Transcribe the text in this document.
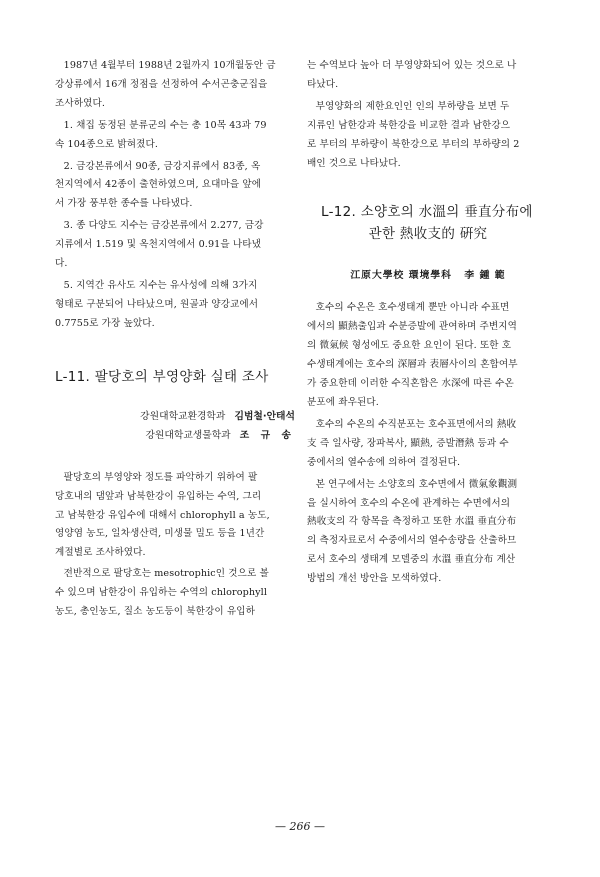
1987년 4월부터 1988년 2월까지 10개월동안 금
강상류에서 16개 정점을 선정하여 수서곤충군집을
조사하였다.

1. 채집 동정된 분류군의 수는 총 10목 43과 79
속 104종으로 밝혀졌다.

2. 금강본류에서 90종, 금강지류에서 83종, 옥
천지역에서 42종이 출현하였으며, 요대마을 앞에
서 가장 풍부한 종수를 나타냈다.

3. 종 다양도 지수는 금강본류에서 2.277, 금강
지류에서 1.519 및 옥천지역에서 0.91을 나타냈
다.

5. 지역간 유사도 지수는 유사성에 의해 3가지
형태로 구분되어 나타났으며, 원골과 양강교에서
0.7755로 가장 높았다.

L-11. 팔당호의 부영양화 실태 조사

강원대학교환경학과 김범철·안태석

강원대학교생물학과 조 규 송

팔당호의 부영양와 정도를 파악하기 위하여 팔
당호내의 댐앞과 남북한강이 유입하는 수역, 그리
고 남북한강 유입수에 대해서 chlorophyll a 농도,
영양염 농도, 일차생산력, 미생물 밀도 등을 1년간
계절별로 조사하였다.

전반적으로 팔당호는 mesotrophic인 것으로 볼
수 있으며 남한강이 유입하는 수역의 chlorophyll
농도, 총인농도, 질소 농도등이 북한강이 유입하

는 수역보다 높아 더 부영양화되어 있는 것으로 나
타났다.

부영양화의 제한요인인 인의 부하량을 보면 두
지류인 남한강과 북한강을 비교한 결과 남한강으
로 부터의 부하량이 북한강으로 부터의 부하량의 2
배인 것으로 나타났다.

L-12. 소양호의 水溫의 垂直分布에
관한 熱收支的 硏究

江原大學校 環境學科 李 鍾 範

호수의 수온은 호수생태계 뿐만 아니라 수표면
에서의 顯熱출입과 수분증발에 관여하며 주변지역
의 微氣候 형성에도 중요한 요인이 된다. 또한 호
수생태계에는 호수의 深層과 表層사이의 혼합여부
가 중요한데 이러한 수직혼합은 水深에 따른 수온
분포에 좌우된다.

호수의 수온의 수직분포는 호수표면에서의 熱收
支 즉 일사량, 장파복사, 顯熱, 증발潛熱 등과 수
중에서의 열수송에 의하여 결정된다.

본 연구에서는 소양호의 호수면에서 微氣象觀測
을 실시하여 호수의 수온에 관계하는 수면에서의
熱收支의 각 항목을 측정하고 또한 水溫 垂直分布
의 측정자료로서 수중에서의 열수송량을 산출하므
로서 호수의 생태계 모델중의 水溫 垂直分布 계산
방법의 개선 방안을 모색하였다.

— 266 —
